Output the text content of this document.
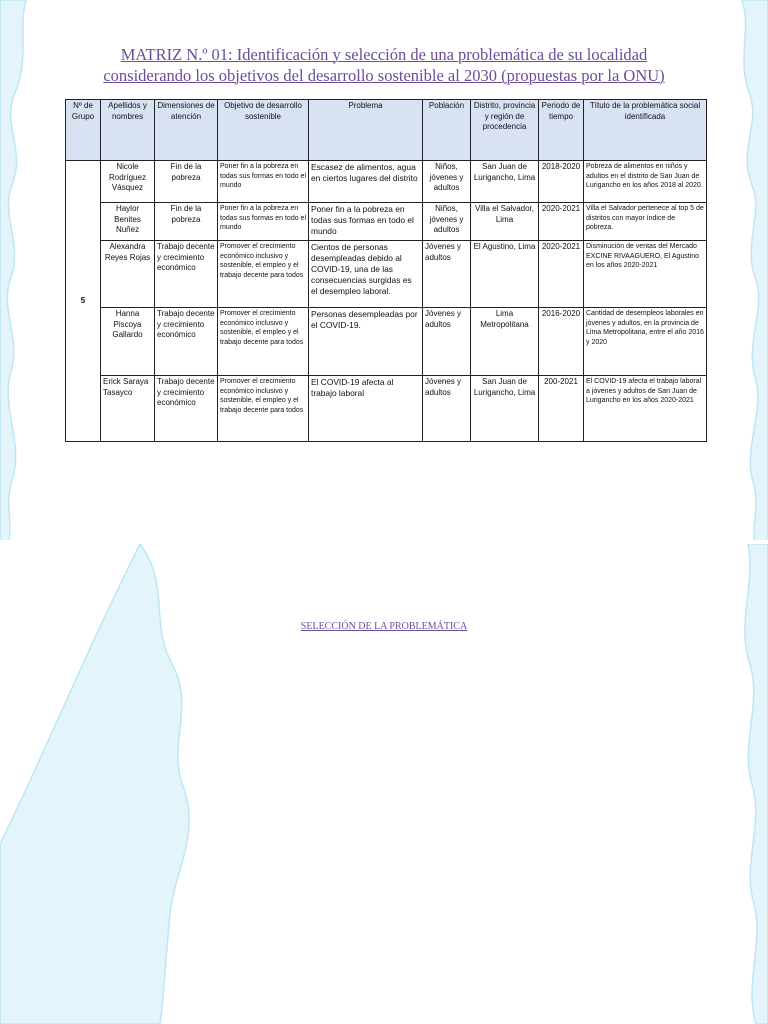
MATRIZ N.º 01: Identificación y selección de una problemática de su localidad
considerando los objetivos del desarrollo sostenible al 2030 (propuestas por la ONU)
Nº de Grupo	Apellidos y nombres	Dimensiones de atención	Objetivo de desarrollo sostenible	Problema	Población	Distrito, provincia y región de procedencia	Periodo de tiempo	Título de la problemática social identificada
5	Nicole Rodríguez Vásquez	Fin de la pobreza	Poner fin a la pobreza en todas sus formas en todo el mundo	Escasez de alimentos, agua en ciertos lugares del distrito	Niños, jóvenes y adultos	San Juan de Lurigancho, Lima	2018-2020	Pobreza de alimentos en niños y adultos en el distrito de San Juan de Lurigancho en los años 2018 al 2020.
	Haylor Benites Nuñez	Fin de la pobreza	Poner fin a la pobreza en todas sus formas en todo el mundo	Poner fin a la pobreza en todas sus formas en todo el mundo	Niños, jóvenes y adultos	Villa el Salvador, Lima	2020-2021	Villa el Salvador pertenece al top 5 de distritos con mayor índice de pobreza.
	Alexandra Reyes Rojas	Trabajo decente y crecimiento económico	Promover el crecimiento económico inclusivo y sostenible, el empleo y el trabajo decente para todos	Cientos de personas desempleadas debido al COVID-19, una de las consecuencias surgidas es el desempleo laboral.	Jóvenes y adultos	El Agustino, Lima	2020-2021	Disminución de ventas del Mercado EXCINE RIVAAGUERO, El Agustino en los años 2020-2021
	Hanna Piscoya Gallardo	Trabajo decente y crecimiento económico	Promover el crecimiento económico inclusivo y sostenible, el empleo y el trabajo decente para todos	Personas desempleadas por el COVID-19.	Jóvenes y adultos	Lima Metropolitana	2016-2020	Cantidad de desempleos laborales en jóvenes y adultos, en la provincia de Lima Metropolitana, entre el año 2016 y 2020
	Erick Saraya Tasayco	Trabajo decente y crecimiento económico	Promover el crecimiento económico inclusivo y sostenible, el empleo y el trabajo decente para todos	El COVID-19 afecta al trabajo laboral	Jóvenes y adultos	San Juan de Lurigancho, Lima	200-2021	El COVID-19 afecta el trabajo laboral a jóvenes y adultos de San Juan de Lurigancho en los años 2020-2021
SELECCIÓN DE LA PROBLEMÁTICA
